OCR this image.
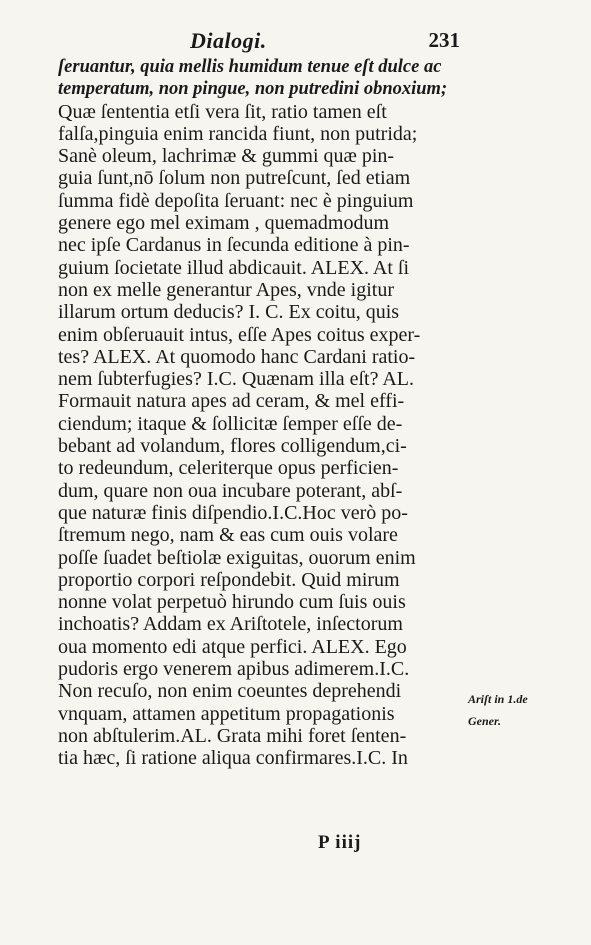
Dialogi.	231
ſeruantur, quia mellis humidum tenue eſt dulce ac
temperatum, non pingue, non putredini obnoxium;
Quæ ſententia etſi vera ſit, ratio tamen eſt
falſa,pinguia enim rancida fiunt, non putrida;
Sanè oleum, lachrimæ & gummi quæ pin-
guia ſunt,nō ſolum non putreſcunt, ſed etiam
ſumma fidè depoſita ſeruant: nec è pinguium
genere ego mel eximam , quemadmodum
nec ipſe Cardanus in ſecunda editione à pin-
guium ſocietate illud abdicauit. ALEX. At ſi
non ex melle generantur Apes, vnde igitur
illarum ortum deducis? I. C. Ex coitu, quis
enim obſeruauit intus, eſſe Apes coitus exper-
tes? ALEX. At quomodo hanc Cardani ratio-
nem ſubterfugies? I.C. Quænam illa eſt? AL.
Formauit natura apes ad ceram, & mel effi-
ciendum; itaque & ſollicitæ ſemper eſſe de-
bebant ad volandum, flores colligendum,ci-
to redeundum, celeriterque opus perficien-
dum, quare non oua incubare poterant, abſ-
que naturæ finis diſpendio.I.C.Hoc verò po-
ſtremum nego, nam & eas cum ouis volare
poſſe ſuadet beſtiolæ exiguitas, ouorum enim
proportio corpori reſpondebit. Quid mirum
nonne volat perpetuò hirundo cum ſuis ouis
inchoatis? Addam ex Ariſtotele, inſectorum
oua momento edi atque perfici. ALEX. Ego
pudoris ergo venerem apibus adimerem.I.C.
Non recuſo, non enim coeuntes deprehendi
vnquam, attamen appetitum propagationis
non abſtulerim.AL. Grata mihi foret ſenten-
tia hæc, ſi ratione aliqua confirmares.I.C. In
Ariſt in 1.de
Gener.
P iiij
